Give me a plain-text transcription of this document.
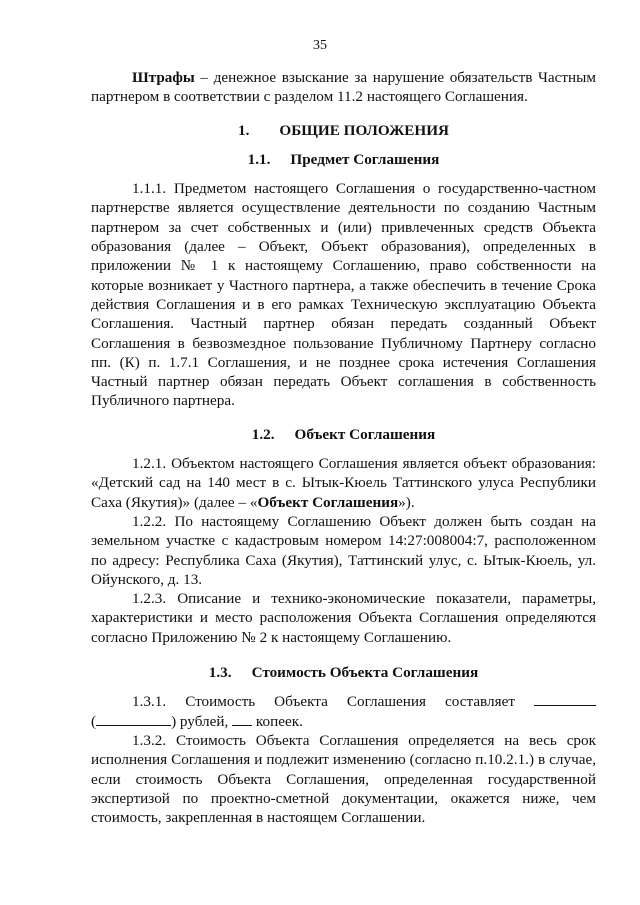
35

Штрафы – денежное взыскание за нарушение обязательств Частным партнером в соответствии с разделом 11.2 настоящего Соглашения.

1. ОБЩИЕ ПОЛОЖЕНИЯ
1.1. Предмет Соглашения

1.1.1. Предметом настоящего Соглашения о государственно-частном партнерстве является осуществление деятельности по созданию Частным партнером за счет собственных и (или) привлеченных средств Объекта образования (далее – Объект, Объект образования), определенных в приложении № 1 к настоящему Соглашению, право собственности на которые возникает у Частного партнера, а также обеспечить в течение Срока действия Соглашения и в его рамках Техническую эксплуатацию Объекта Соглашения. Частный партнер обязан передать созданный Объект Соглашения в безвозмездное пользование Публичному Партнеру согласно пп. (К) п. 1.7.1 Соглашения, и не позднее срока истечения Соглашения Частный партнер обязан передать Объект соглашения в собственность Публичного партнера.

1.2. Объект Соглашения

1.2.1. Объектом настоящего Соглашения является объект образования: «Детский сад на 140 мест в с. Ытык-Кюель Таттинского улуса Республики Саха (Якутия)» (далее – «Объект Соглашения»).

1.2.2. По настоящему Соглашению Объект должен быть создан на земельном участке с кадастровым номером 14:27:008004:7, расположенном по адресу: Республика Саха (Якутия), Таттинский улус, с. Ытык-Кюель, ул. Ойунского, д. 13.

1.2.3. Описание и технико-экономические показатели, параметры, характеристики и место расположения Объекта Соглашения определяются согласно Приложению № 2 к настоящему Соглашению.

1.3. Стоимость Объекта Соглашения

1.3.1. Стоимость Объекта Соглашения составляет

(	) рублей,  копеек.

1.3.2. Стоимость Объекта Соглашения определяется на весь срок исполнения Соглашения и подлежит изменению (согласно п.10.2.1.) в случае, если стоимость Объекта Соглашения, определенная государственной экспертизой по проектно-сметной документации, окажется ниже, чем стоимость, закрепленная в настоящем Соглашении.
